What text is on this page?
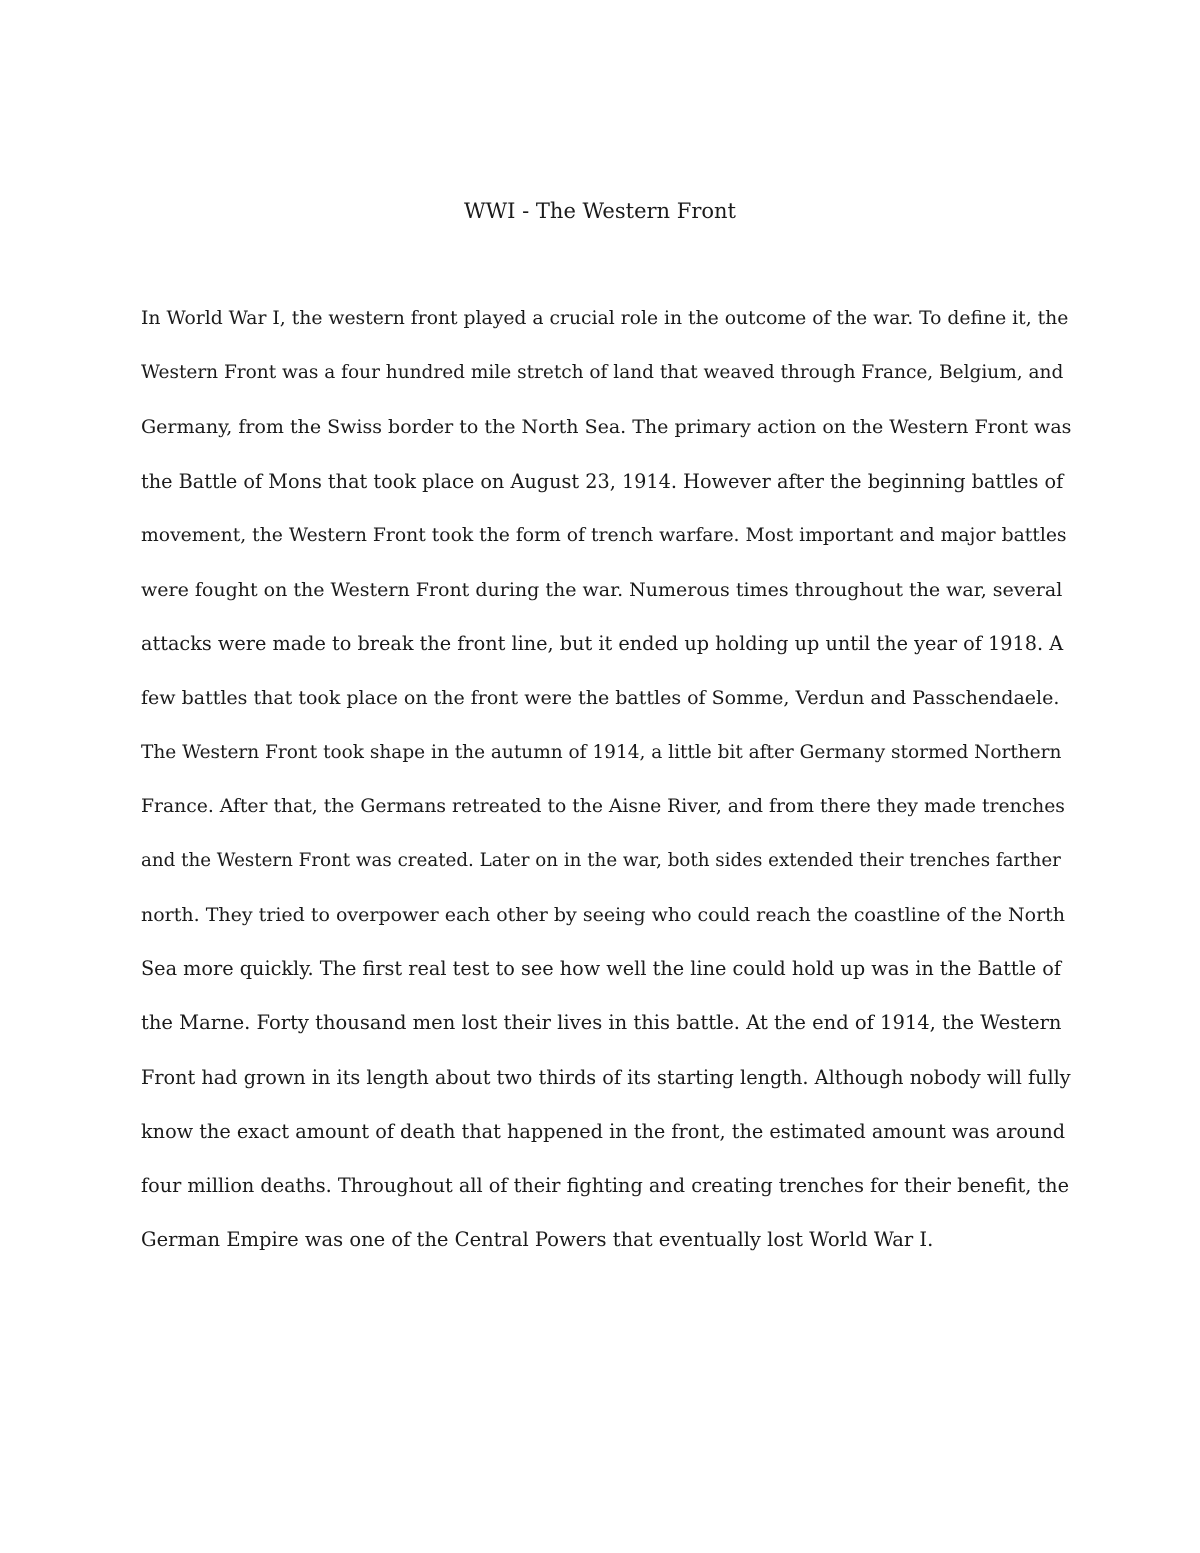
WWI - The Western Front
In World War I, the western front played a crucial role in the outcome of the war. To define it, the
Western Front was a four hundred mile stretch of land that weaved through France, Belgium, and
Germany, from the Swiss border to the North Sea. The primary action on the Western Front was
the Battle of Mons that took place on August 23, 1914. However after the beginning battles of
movement, the Western Front took the form of trench warfare. Most important and major battles
were fought on the Western Front during the war. Numerous times throughout the war, several
attacks were made to break the front line, but it ended up holding up until the year of 1918. A
few battles that took place on the front were the battles of Somme, Verdun and Passchendaele.
The Western Front took shape in the autumn of 1914, a little bit after Germany stormed Northern
France. After that, the Germans retreated to the Aisne River, and from there they made trenches
and the Western Front was created. Later on in the war, both sides extended their trenches farther
north. They tried to overpower each other by seeing who could reach the coastline of the North
Sea more quickly. The first real test to see how well the line could hold up was in the Battle of
the Marne. Forty thousand men lost their lives in this battle. At the end of 1914, the Western
Front had grown in its length about two thirds of its starting length. Although nobody will fully
know the exact amount of death that happened in the front, the estimated amount was around
four million deaths. Throughout all of their fighting and creating trenches for their benefit, the
German Empire was one of the Central Powers that eventually lost World War I.
